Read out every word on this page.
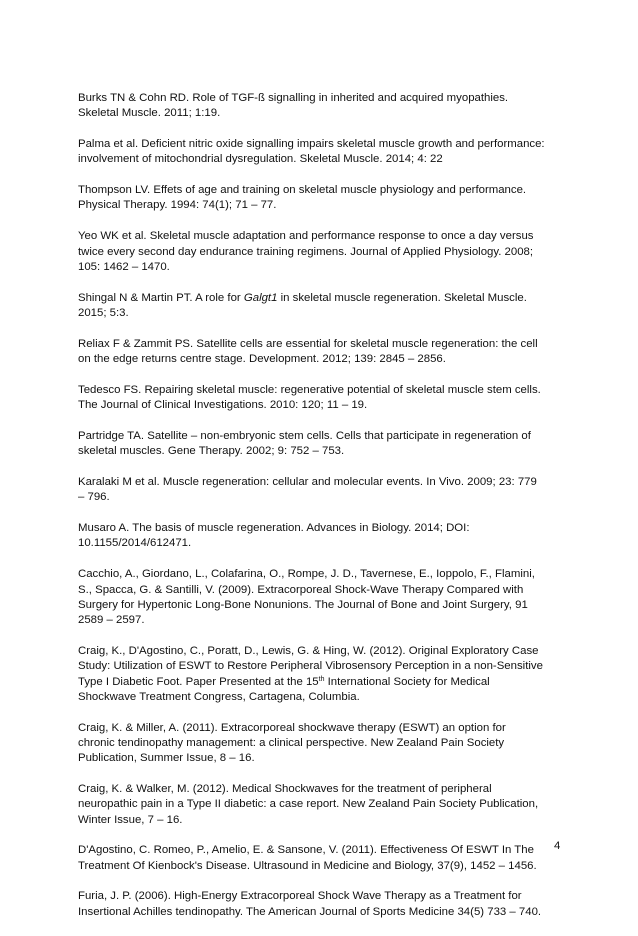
Burks TN & Cohn RD. Role of TGF-ß signalling in inherited and acquired myopathies.
Skeletal Muscle. 2011; 1:19.
Palma et al. Deficient nitric oxide signalling impairs skeletal muscle growth and performance:
involvement of mitochondrial dysregulation. Skeletal Muscle. 2014; 4: 22
Thompson LV. Effets of age and training on skeletal muscle physiology and performance.
Physical Therapy. 1994: 74(1); 71 – 77.
Yeo WK et al. Skeletal muscle adaptation and performance response to once a day versus
twice every second day endurance training regimens. Journal of Applied Physiology. 2008;
105: 1462 – 1470.
Shingal N & Martin PT. A role for Galgt1 in skeletal muscle regeneration. Skeletal Muscle.
2015; 5:3.
Reliax F & Zammit PS. Satellite cells are essential for skeletal muscle regeneration: the cell
on the edge returns centre stage. Development. 2012; 139: 2845 – 2856.
Tedesco FS. Repairing skeletal muscle: regenerative potential of skeletal muscle stem cells.
The Journal of Clinical Investigations. 2010: 120; 11 – 19.
Partridge TA. Satellite – non-embryonic stem cells. Cells that participate in regeneration of
skeletal muscles. Gene Therapy. 2002; 9: 752 – 753.
Karalaki M et al. Muscle regeneration: cellular and molecular events. In Vivo. 2009; 23: 779
– 796.
Musaro A. The basis of muscle regeneration. Advances in Biology. 2014; DOI:
10.1155/2014/612471.
Cacchio, A., Giordano, L., Colafarina, O., Rompe, J. D., Tavernese, E., Ioppolo, F., Flamini,
S., Spacca, G. & Santilli, V. (2009). Extracorporeal Shock-Wave Therapy Compared with
Surgery for Hypertonic Long-Bone Nonunions. The Journal of Bone and Joint Surgery, 91
2589 – 2597.
Craig, K., D'Agostino, C., Poratt, D., Lewis, G. & Hing, W. (2012). Original Exploratory Case
Study: Utilization of ESWT to Restore Peripheral Vibrosensory Perception in a non-Sensitive
Type I Diabetic Foot. Paper Presented at the 15th International Society for Medical
Shockwave Treatment Congress, Cartagena, Columbia.
Craig, K. & Miller, A. (2011). Extracorporeal shockwave therapy (ESWT) an option for
chronic tendinopathy management: a clinical perspective. New Zealand Pain Society
Publication, Summer Issue, 8 – 16.
Craig, K. & Walker, M. (2012). Medical Shockwaves for the treatment of peripheral
neuropathic pain in a Type II diabetic: a case report. New Zealand Pain Society Publication,
Winter Issue, 7 – 16.
D'Agostino, C. Romeo, P., Amelio, E. & Sansone, V. (2011). Effectiveness Of ESWT In The
Treatment Of Kienbock's Disease. Ultrasound in Medicine and Biology, 37(9), 1452 – 1456.
Furia, J. P. (2006). High-Energy Extracorporeal Shock Wave Therapy as a Treatment for
Insertional Achilles tendinopathy. The American Journal of Sports Medicine 34(5) 733 – 740.
4
